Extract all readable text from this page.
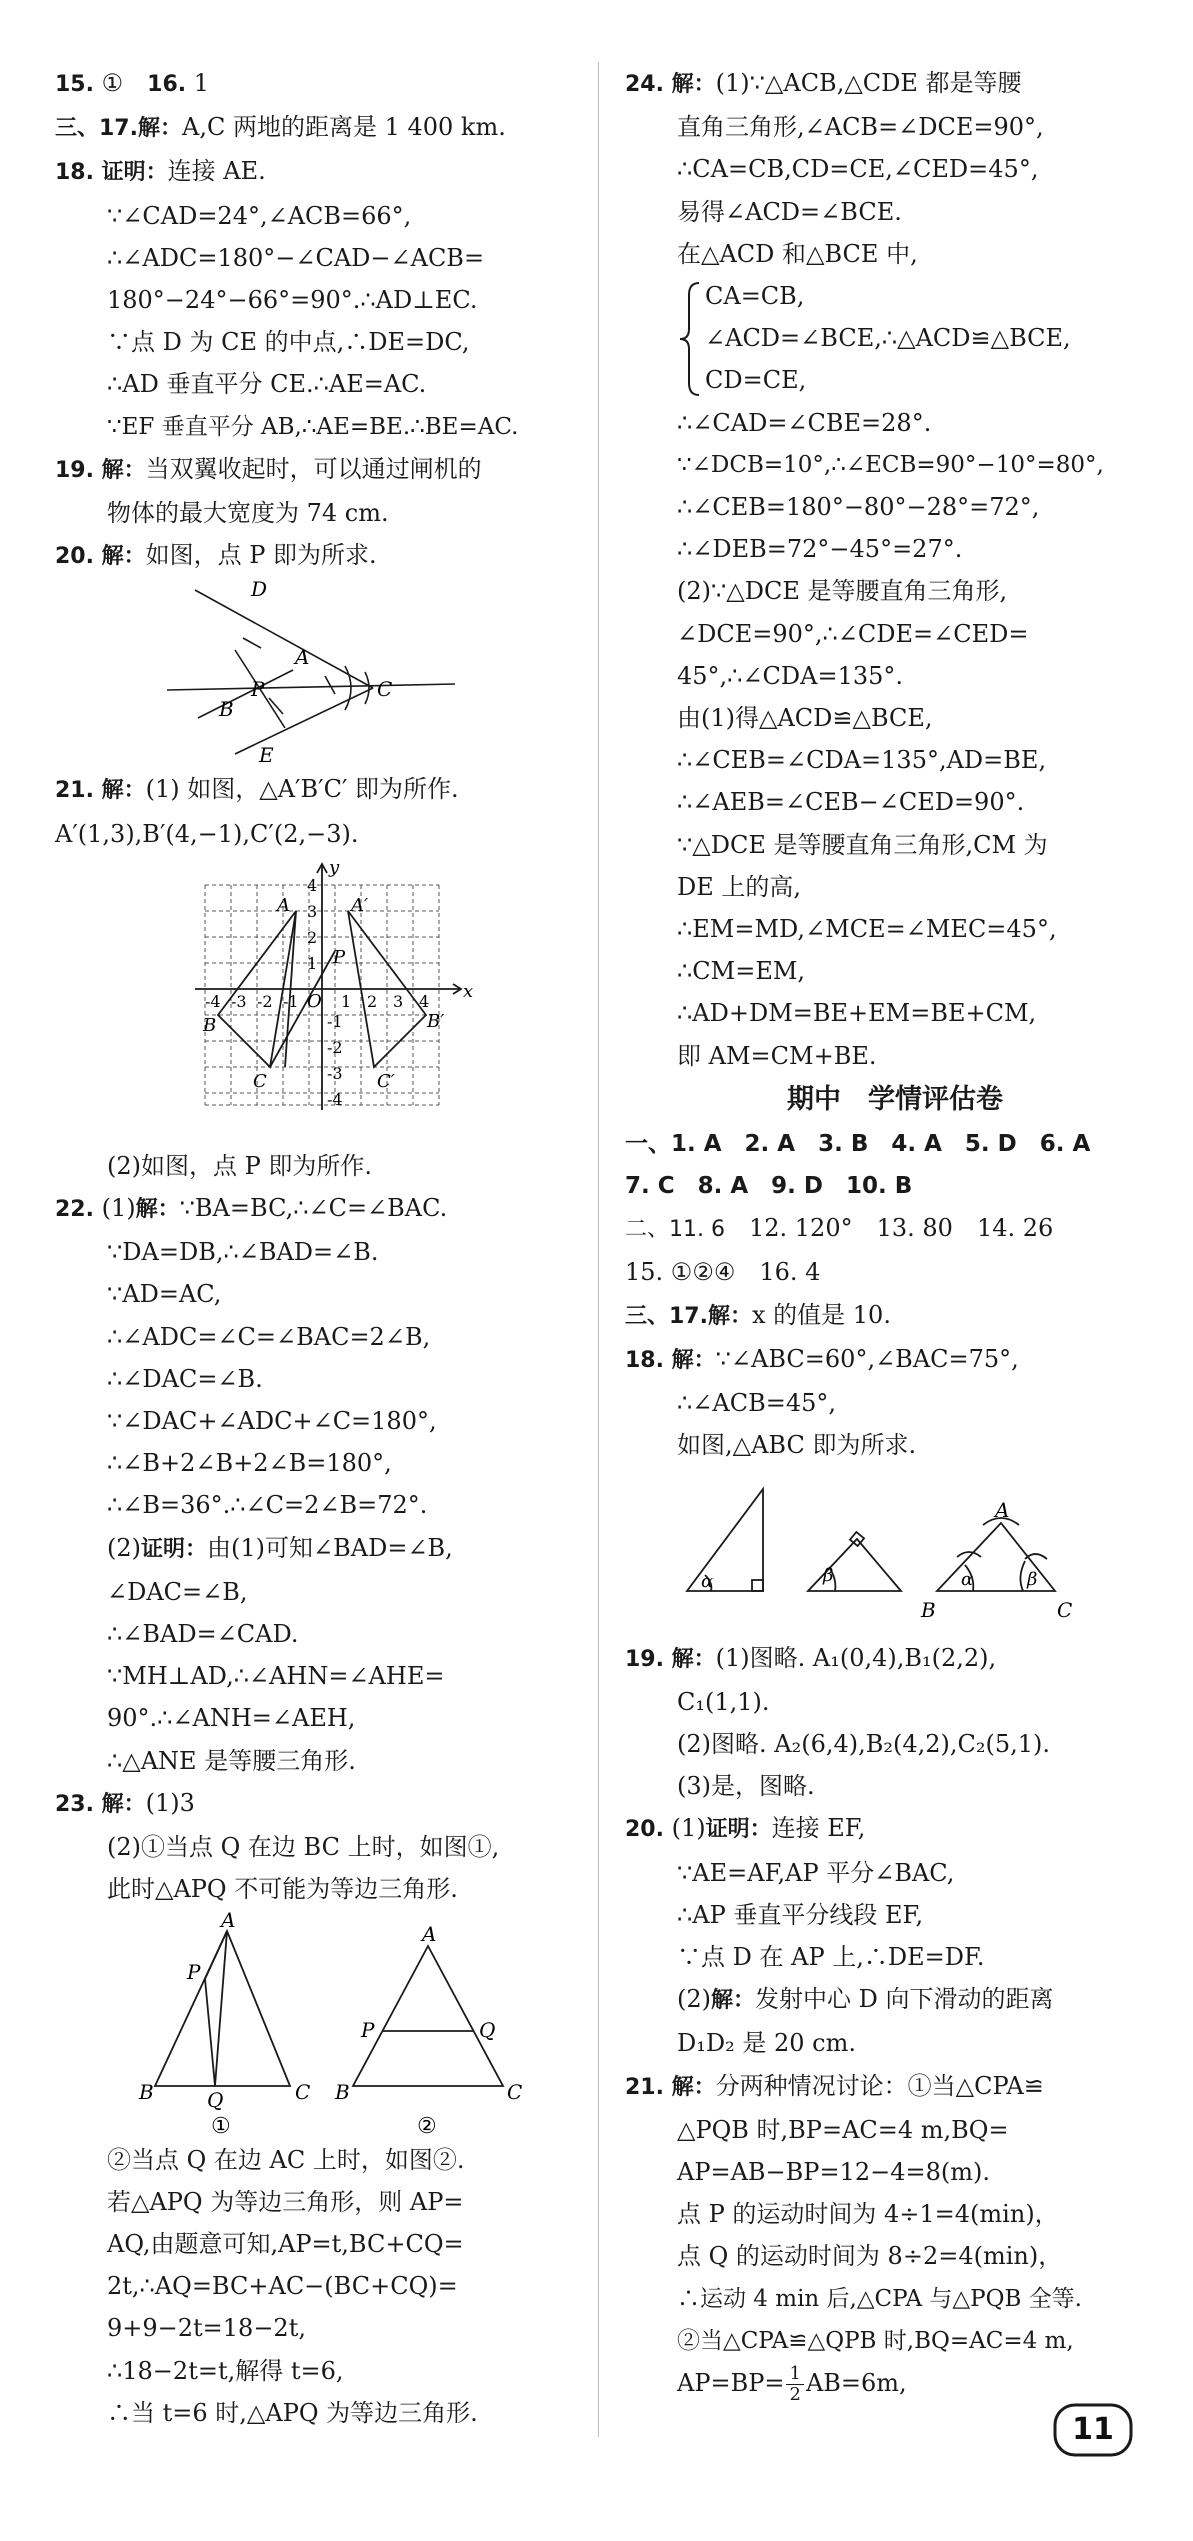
15. ①　 16. 1
三、17.解：A,C 两地的距离是 1 400 km.
18. 证明：连接 AE.
∵∠CAD=24°,∠ACB=66°,
∴∠ADC=180°−∠CAD−∠ACB=
180°−24°−66°=90°.∴AD⊥EC.
∵点 D 为 CE 的中点,∴DE=DC,
∴AD 垂直平分 CE.∴AE=AC.
∵EF 垂直平分 AB,∴AE=BE.∴BE=AC.
19. 解：当双翼收起时，可以通过闸机的
物体的最大宽度为 74 cm.
20. 解：如图，点 P 即为所求.
D
A
P
B
C
E
21. 解：(1) 如图，△A′B′C′ 即为所作.
A′(1,3),B′(4,−1),C′(2,−3).
y
x
A
B
C
P
A′
B′
C′
O
-4 -3 -2 -1	1 2 3 4
4
3
2
1
-1
-2
-3
-4
(2)如图，点 P 即为所作.
22. (1)解：∵BA=BC,∴∠C=∠BAC.
∵DA=DB,∴∠BAD=∠B.
∵AD=AC,
∴∠ADC=∠C=∠BAC=2∠B,
∴∠DAC=∠B.
∵∠DAC+∠ADC+∠C=180°,
∴∠B+2∠B+2∠B=180°,
∴∠B=36°.∴∠C=2∠B=72°.
(2)证明：由(1)可知∠BAD=∠B,
∠DAC=∠B,
∴∠BAD=∠CAD.
∵MH⊥AD,∴∠AHN=∠AHE=
90°.∴∠ANH=∠AEH,
∴△ANE 是等腰三角形.
23. 解：(1)3
(2)①当点 Q 在边 BC 上时，如图①,
此时△APQ 不可能为等边三角形.
A
P
B	Q	C
①
A
P	Q
B	C
②
②当点 Q 在边 AC 上时，如图②.
若△APQ 为等边三角形，则 AP=
AQ,由题意可知,AP=t,BC+CQ=
2t,∴AQ=BC+AC−(BC+CQ)=
9+9−2t=18−2t,
∴18−2t=t,解得 t=6,
∴当 t=6 时,△APQ 为等边三角形.
24. 解：(1)∵△ACB,△CDE 都是等腰
直角三角形,∠ACB=∠DCE=90°,
∴CA=CB,CD=CE,∠CED=45°,
易得∠ACD=∠BCE.
在△ACD 和△BCE 中,
CA=CB,
∠ACD=∠BCE,∴△ACD≌△BCE,
CD=CE,
∴∠CAD=∠CBE=28°.
∵∠DCB=10°,∴∠ECB=90°−10°=80°,
∴∠CEB=180°−80°−28°=72°,
∴∠DEB=72°−45°=27°.
(2)∵△DCE 是等腰直角三角形,
∠DCE=90°,∴∠CDE=∠CED=
45°,∴∠CDA=135°.
由(1)得△ACD≌△BCE,
∴∠CEB=∠CDA=135°,AD=BE,
∴∠AEB=∠CEB−∠CED=90°.
∵△DCE 是等腰直角三角形,CM 为
DE 上的高,
∴EM=MD,∠MCE=∠MEC=45°,
∴CM=EM,
∴AD+DM=BE+EM=BE+CM,
即 AM=CM+BE.
期中　学情评估卷
一、1. A　2. A　3. B　4. A　5. D　6. A
7. C　8. A　9. D　10. B
二、11. 6　 12. 120°　 13. 80　 14. 26
15. ①②④　 16. 4
三、17.解：x 的值是 10.
18. 解：∵∠ABC=60°,∠BAC=75°,
∴∠ACB=45°,
如图,△ABC 即为所求.
α	β
A
B	C
α	β
19. 解：(1)图略. A₁(0,4),B₁(2,2),
C₁(1,1).
(2)图略. A₂(6,4),B₂(4,2),C₂(5,1).
(3)是，图略.
20. (1)证明：连接 EF,
∵AE=AF,AP 平分∠BAC,
∴AP 垂直平分线段 EF,
∵点 D 在 AP 上,∴DE=DF.
(2)解：发射中心 D 向下滑动的距离
D₁D₂ 是 20 cm.
21. 解：分两种情况讨论：①当△CPA≌
△PQB 时,BP=AC=4 m,BQ=
AP=AB−BP=12−4=8(m).
点 P 的运动时间为 4÷1=4(min)，
点 Q 的运动时间为 8÷2=4(min)，
∴运动 4 min 后,△CPA 与△PQB 全等.
②当△CPA≌△QPB 时,BQ=AC=4 m,
$AP=BP= \frac{1}{2} AB=6m$,
11
